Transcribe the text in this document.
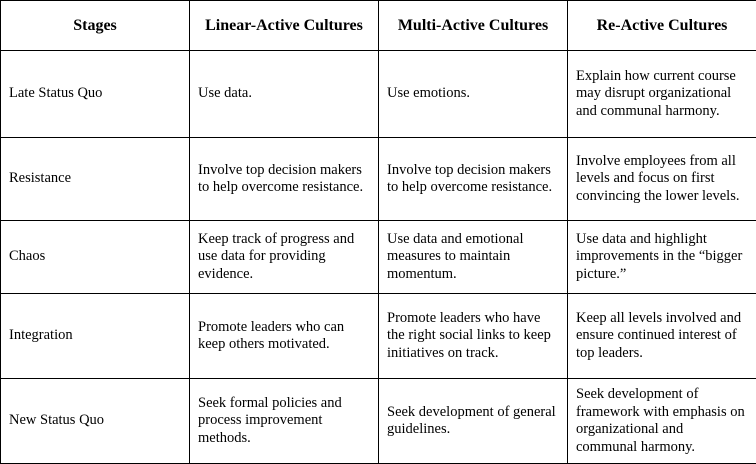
Stages	Linear-Active Cultures	Multi-Active Cultures	Re-Active Cultures
Late Status Quo	Use data.	Use emotions.	Explain how current course may disrupt organizational and communal harmony.
Resistance	Involve top decision makers to help overcome resistance.	Involve top decision makers to help overcome resistance.	Involve employees from all levels and focus on first convincing the lower levels.
Chaos	Keep track of progress and use data for providing evidence.	Use data and emotional measures to maintain momentum.	Use data and highlight improvements in the “bigger picture.”
Integration	Promote leaders who can keep others motivated.	Promote leaders who have the right social links to keep initiatives on track.	Keep all levels involved and ensure continued interest of top leaders.
New Status Quo	Seek formal policies and process improvement methods.	Seek development of general guidelines.	Seek development of framework with emphasis on organizational and communal harmony.
